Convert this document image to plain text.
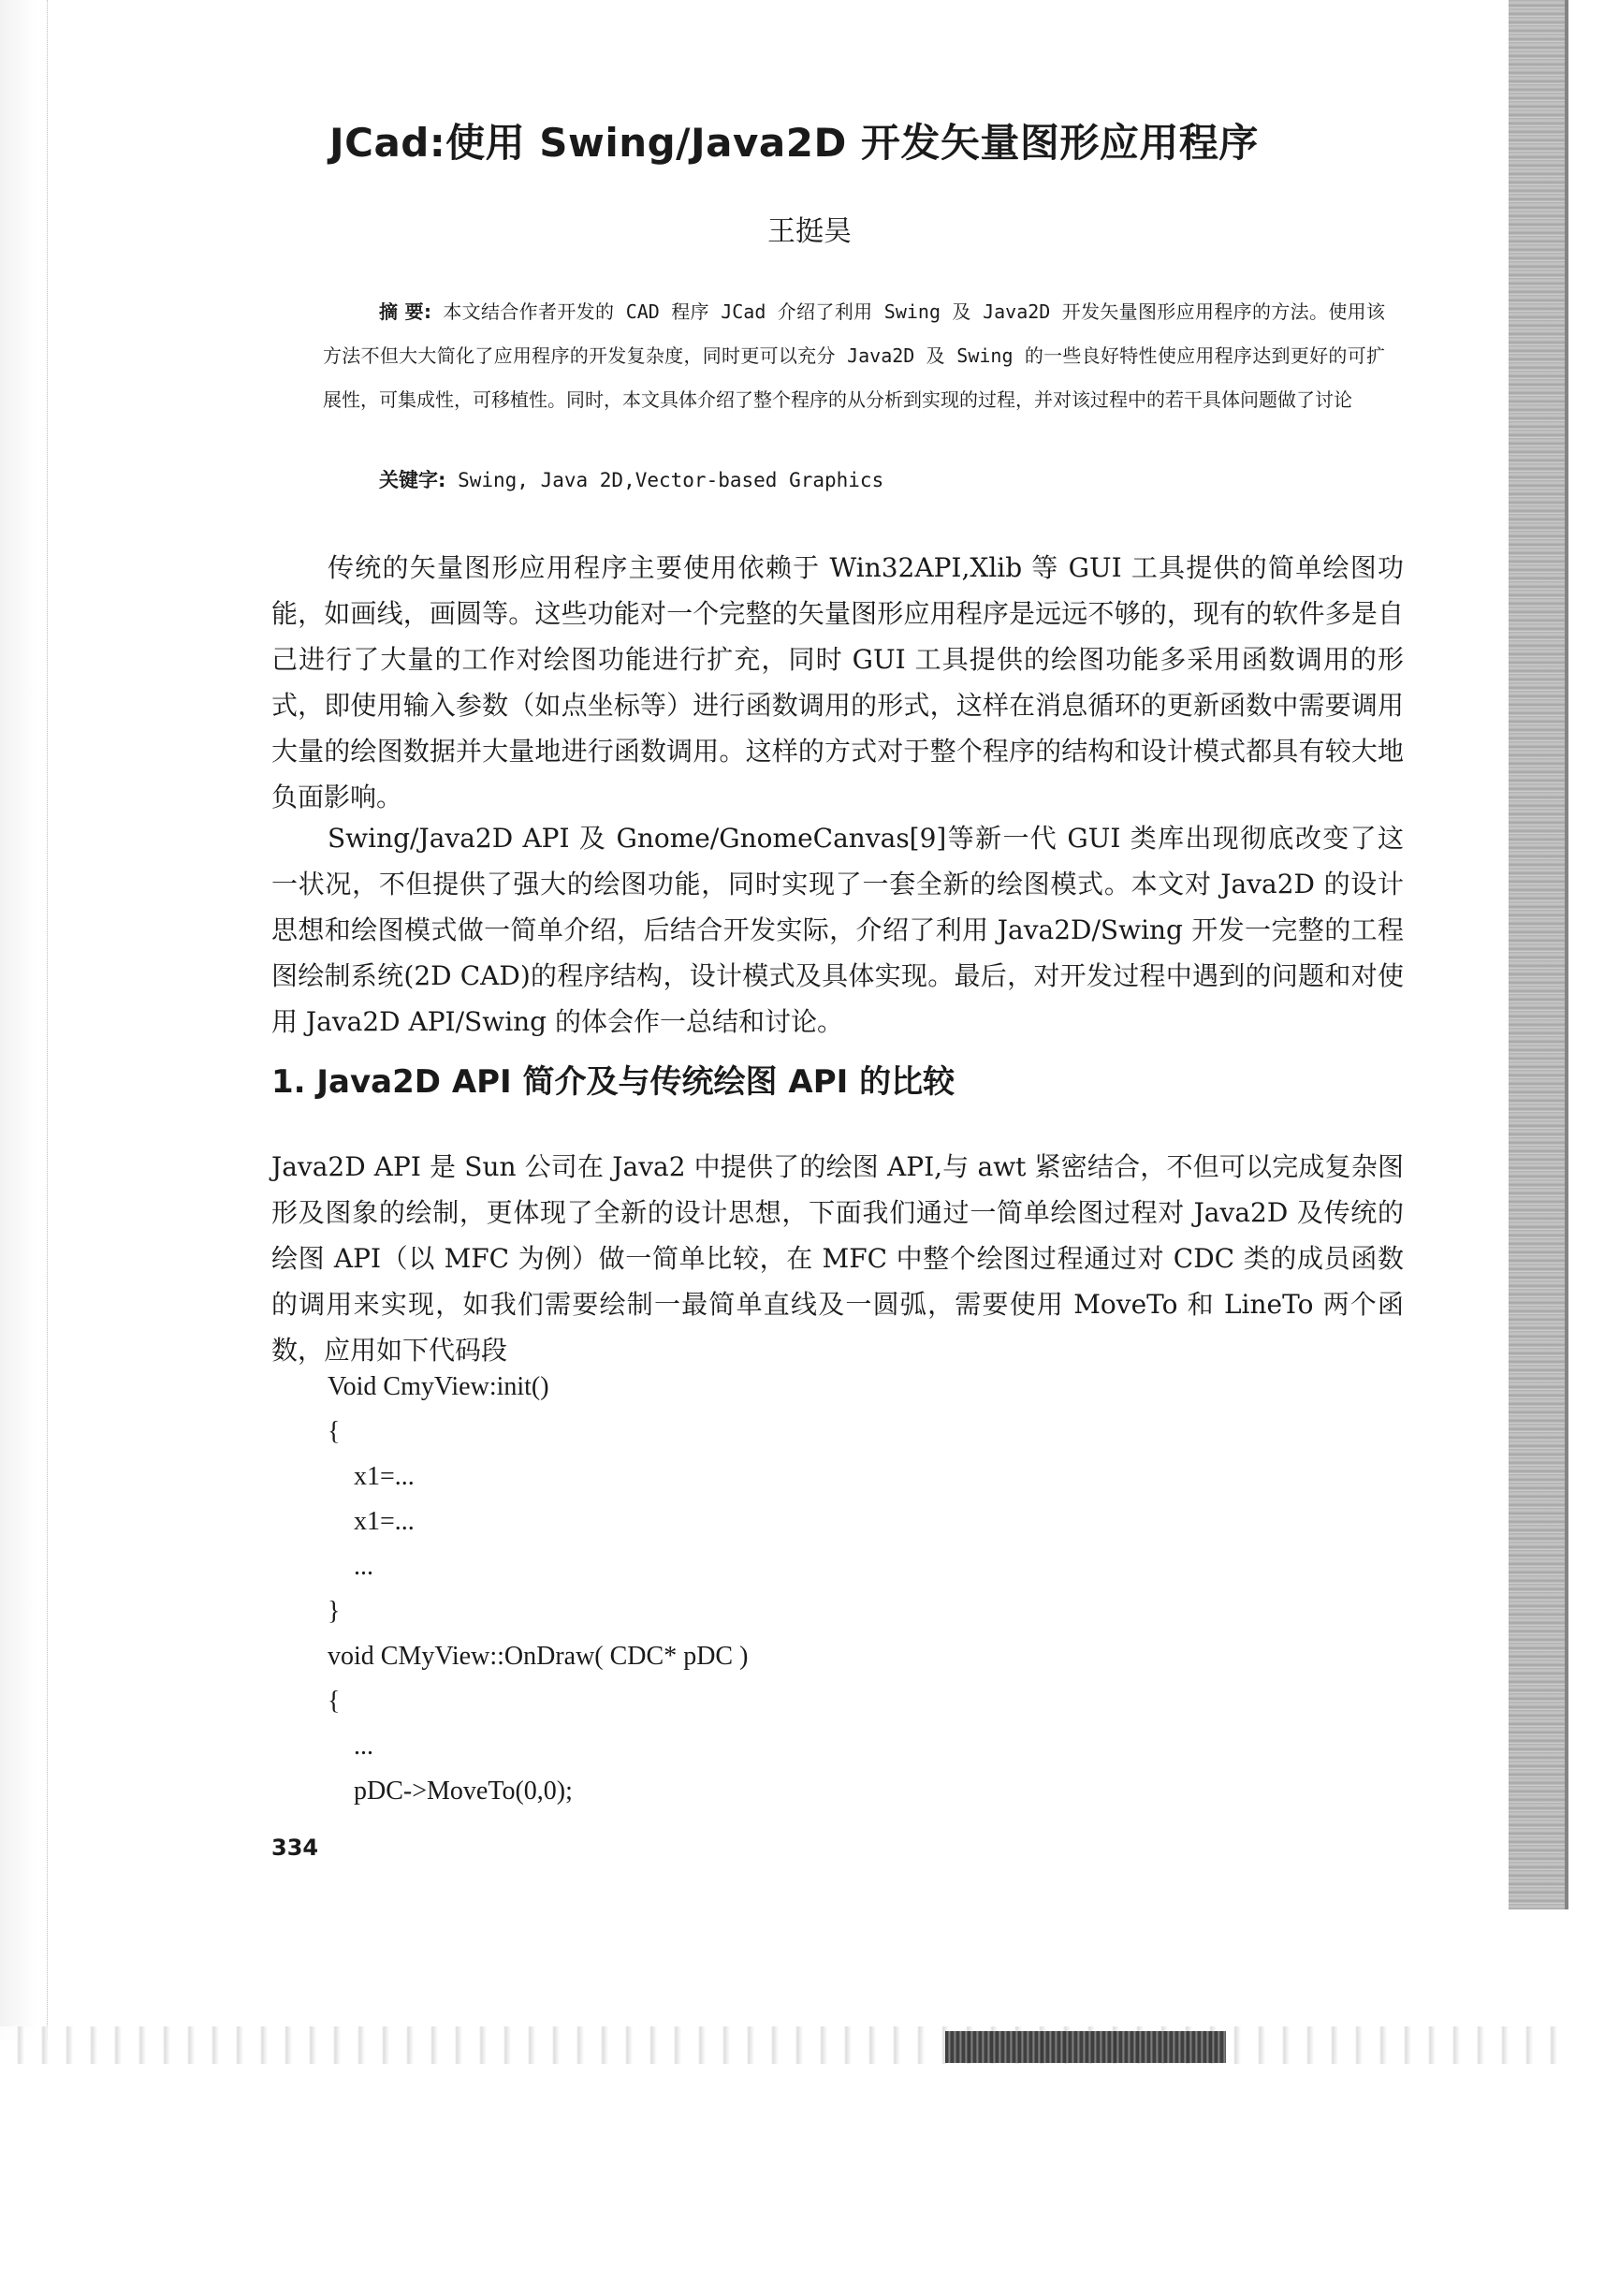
JCad:使用 Swing/Java2D 开发矢量图形应用程序
王挺昊
摘 要: 本文结合作者开发的 CAD 程序 JCad 介绍了利用 Swing 及 Java2D 开发矢量图形应用程序的方法。使用该方法不但大大简化了应用程序的开发复杂度，同时更可以充分 Java2D 及 Swing 的一些良好特性使应用程序达到更好的可扩展性，可集成性，可移植性。同时，本文具体介绍了整个程序的从分析到实现的过程，并对该过程中的若干具体问题做了讨论
关键字: Swing, Java 2D,Vector-based Graphics
传统的矢量图形应用程序主要使用依赖于 Win32API,Xlib 等 GUI 工具提供的简单绘图功能，如画线，画圆等。这些功能对一个完整的矢量图形应用程序是远远不够的，现有的软件多是自己进行了大量的工作对绘图功能进行扩充，同时 GUI 工具提供的绘图功能多采用函数调用的形式，即使用输入参数（如点坐标等）进行函数调用的形式，这样在消息循环的更新函数中需要调用大量的绘图数据并大量地进行函数调用。这样的方式对于整个程序的结构和设计模式都具有较大地负面影响。
Swing/Java2D API 及 Gnome/GnomeCanvas[9]等新一代 GUI 类库出现彻底改变了这一状况，不但提供了强大的绘图功能，同时实现了一套全新的绘图模式。本文对 Java2D 的设计思想和绘图模式做一简单介绍，后结合开发实际，介绍了利用 Java2D/Swing 开发一完整的工程图绘制系统(2D CAD)的程序结构，设计模式及具体实现。最后，对开发过程中遇到的问题和对使用 Java2D API/Swing 的体会作一总结和讨论。
1. Java2D API 简介及与传统绘图 API 的比较
Java2D API 是 Sun 公司在 Java2 中提供了的绘图 API,与 awt 紧密结合，不但可以完成复杂图形及图象的绘制，更体现了全新的设计思想，下面我们通过一简单绘图过程对 Java2D 及传统的绘图 API（以 MFC 为例）做一简单比较，在 MFC 中整个绘图过程通过对 CDC 类的成员函数的调用来实现，如我们需要绘制一最简单直线及一圆弧，需要使用 MoveTo 和 LineTo 两个函数，应用如下代码段
Void CmyView:init()
{
x1=...
x1=...
...
}
void CMyView::OnDraw( CDC* pDC )
{
...
pDC->MoveTo(0,0);
334
